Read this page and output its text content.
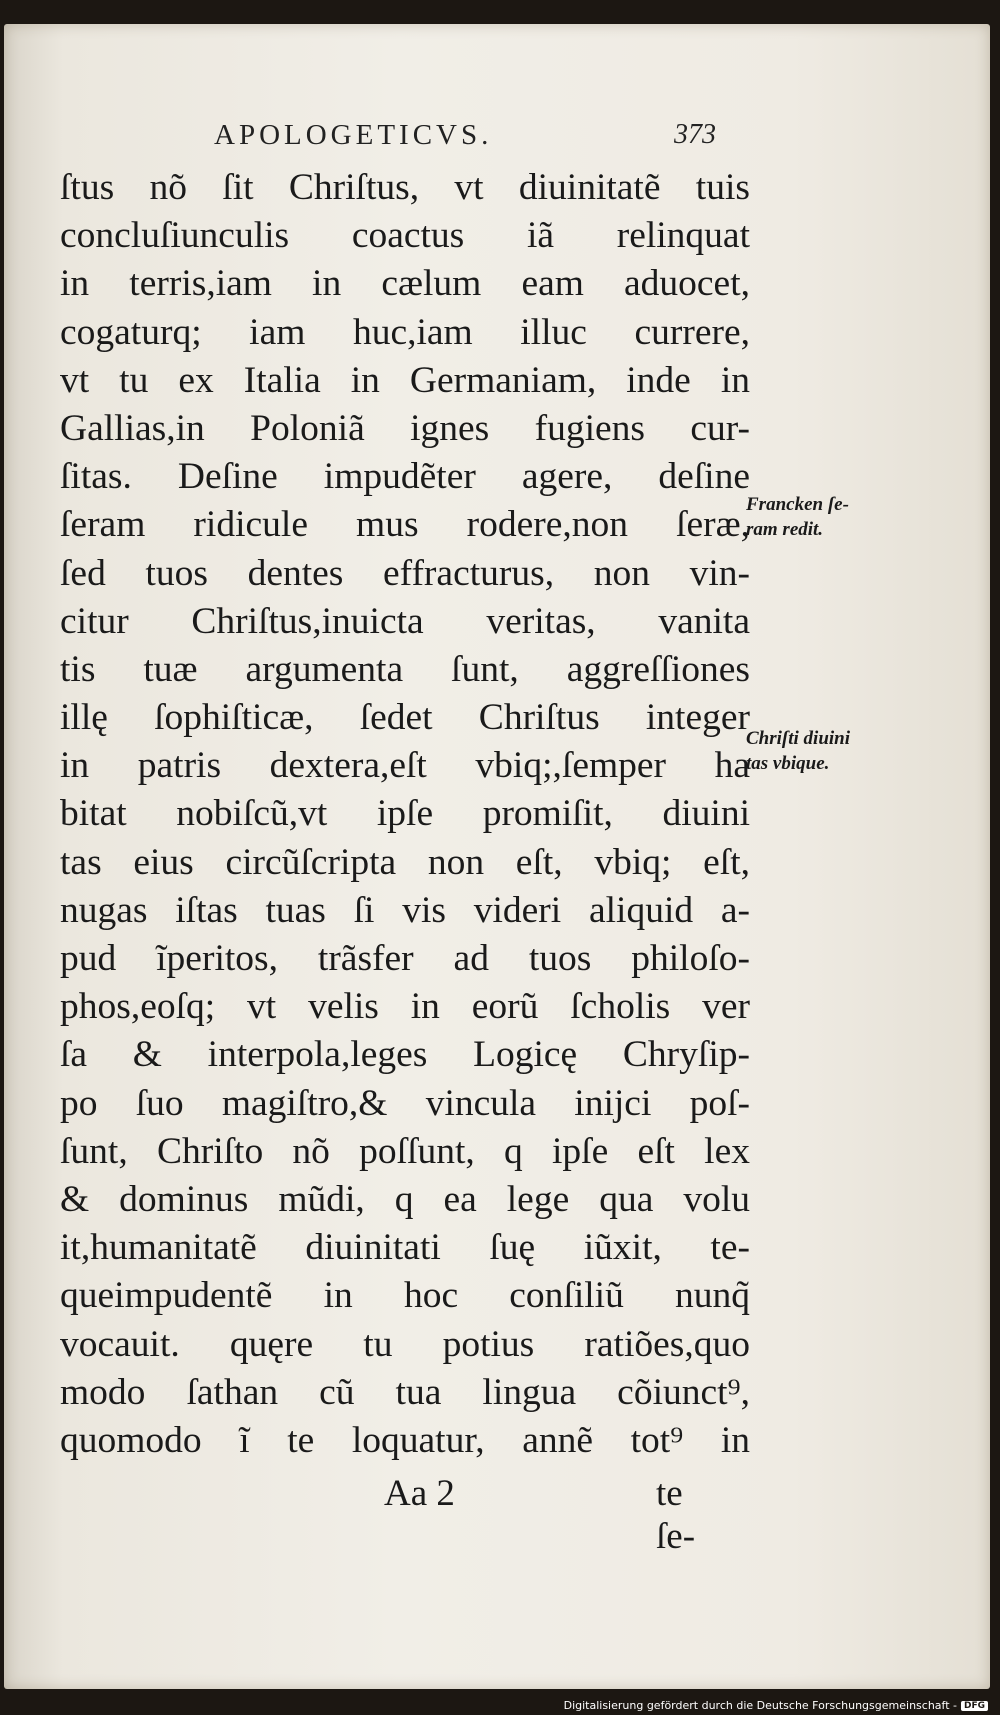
APOLOGETICVS.	373
ſtus nõ ſit Chriſtus, vt diuinitatẽ tuis
concluſiunculis coactus iã relinquat
in terris,iam in cælum eam aduocet,
cogaturq; iam huc,iam illuc currere,
vt tu ex Italia in Germaniam, inde in
Gallias,in Poloniã ignes fugiens cur-
ſitas. Deſine impudẽter agere, deſine
ſeram ridicule mus rodere,non ſeræ,
ſed tuos dentes effracturus, non vin-
citur Chriſtus,inuicta veritas, vanita
tis tuæ argumenta ſunt, aggreſſiones
illę ſophiſticæ, ſedet Chriſtus integer
in patris dextera,eſt vbiq;,ſemper ha
bitat nobiſcũ,vt ipſe promiſit, diuini
tas eius circũſcripta non eſt, vbiq; eſt,
nugas iſtas tuas ſi vis videri aliquid a-
pud ĩperitos, trãsfer ad tuos philoſo-
phos,eoſq; vt velis in eorũ ſcholis ver
ſa & interpola,leges Logicę Chryſip-
po ſuo magiſtro,& vincula inijci poſ-
ſunt, Chriſto nõ poſſunt, q ipſe eſt lex
& dominus mũdi, q ea lege qua volu
it,humanitatẽ diuinitati ſuę iũxit, te-
queimpudentẽ in hoc conſiliũ nunq̃
vocauit. quęre tu potius ratiões,quo
modo ſathan cũ tua lingua cõiunct⁹,
quomodo ĩ te loquatur, annẽ tot⁹ in
Francken ſe-
ram redit.
Chriſti diuini
tas vbique.
Aa 2	te ſe-
Digitalisierung gefördert durch die Deutsche Forschungsgemeinschaft - DFG
